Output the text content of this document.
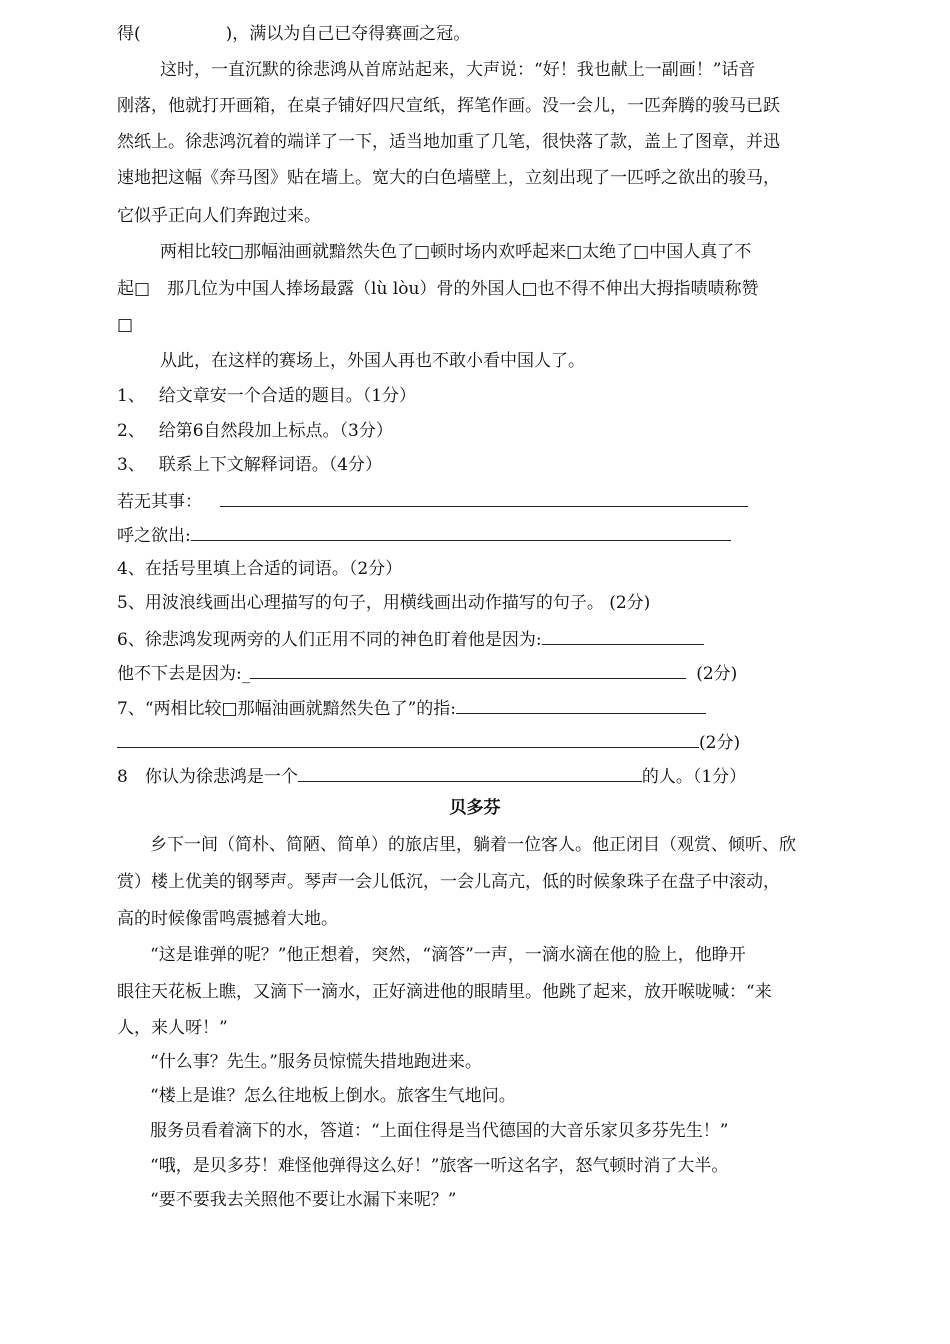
得(　　　　　)，满以为自己已夺得赛画之冠。
这时，一直沉默的徐悲鸿从首席站起来，大声说：“好！我也献上一副画！”话音
刚落，他就打开画箱，在桌子铺好四尺宣纸，挥笔作画。没一会儿，一匹奔腾的骏马已跃
然纸上。徐悲鸿沉着的端详了一下，适当地加重了几笔，很快落了款，盖上了图章，并迅
速地把这幅《奔马图》贴在墙上。宽大的白色墙壁上，立刻出现了一匹呼之欲出的骏马，
它似乎正向人们奔跑过来。
两相比较□那幅油画就黯然失色了□顿时场内欢呼起来□太绝了□中国人真了不
起□　那几位为中国人捧场最露（lù lòu）骨的外国人□也不得不伸出大拇指啧啧称赞
□
从此，在这样的赛场上，外国人再也不敢小看中国人了。
1、　 给文章安一个合适的题目。（1分）
2、　 给第6自然段加上标点。（3分）
3、　 联系上下文解释词语。（4分）
若无其事：
呼之欲出:
4、在括号里填上合适的词语。（2分）
5、用波浪线画出心理描写的句子，用横线画出动作描写的句子。 (2分)
6、徐悲鸿发现两旁的人们正用不同的神色盯着他是因为:
他不下去是因为:_	(2分)
7、“两相比较□那幅油画就黯然失色了”的指:
(2分)
8　你认为徐悲鸿是一个	的人。（1分）
贝多芬
乡下一间（简朴、简陋、简单）的旅店里，躺着一位客人。他正闭目（观赏、倾听、欣
赏）楼上优美的钢琴声。琴声一会儿低沉，一会儿高亢，低的时候象珠子在盘子中滚动，
高的时候像雷鸣震撼着大地。
“这是谁弹的呢？”他正想着，突然，“滴答”一声，一滴水滴在他的脸上，他睁开
眼往天花板上瞧，又滴下一滴水，正好滴进他的眼睛里。他跳了起来，放开喉咙喊：“来
人，来人呀！”
“什么事？先生。”服务员惊慌失措地跑进来。
“楼上是谁？怎么往地板上倒水。旅客生气地问。
服务员看着滴下的水，答道：“上面住得是当代德国的大音乐家贝多芬先生！”
“哦，是贝多芬！难怪他弹得这么好！”旅客一听这名字，怒气顿时消了大半。
“要不要我去关照他不要让水漏下来呢？”
